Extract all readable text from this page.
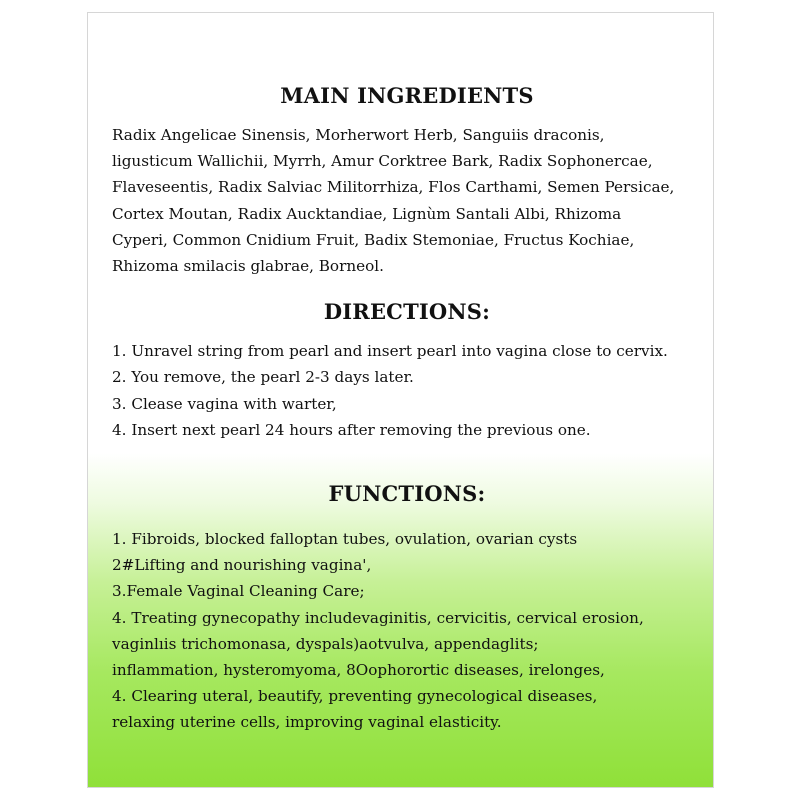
MAIN INGREDIENTS

Radix Angelicae Sinensis, Morherwort Herb, Sanguiis draconis,
ligusticum Wallichii, Myrrh, Amur Corktree Bark, Radix Sophonercae,
Flaveseentis, Radix Salviac Militorrhiza, Flos Carthami, Semen Persicae,
Cortex Moutan, Radix Aucktandiae, Lignùm Santali Albi, Rhizoma
Cyperi, Common Cnidium Fruit, Badix Stemoniae, Fructus Kochiae,
Rhizoma smilacis glabrae, Borneol.

DIRECTIONS:

1. Unravel string from pearl and insert pearl into vagina close to cervix.
2. You remove, the pearl 2-3 days later.
3. Clease vagina with warter,
4. Insert next pearl 24 hours after removing the previous one.

FUNCTIONS:

1. Fibroids, blocked falloptan tubes, ovulation, ovarian cysts
2#Lifting and nourishing vagina',
3.Female Vaginal Cleaning Care;
4. Treating gynecopathy includevaginitis, cervicitis, cervical erosion,
vaginlıis trichomonasa, dyspals)aotvulva, appendaglits;
inflammation, hysteromyoma, 8Oophorortic diseases, irelonges,
4. Clearing uteral, beautify, preventing gynecological diseases,
relaxing uterine cells, improving vaginal elasticity.
